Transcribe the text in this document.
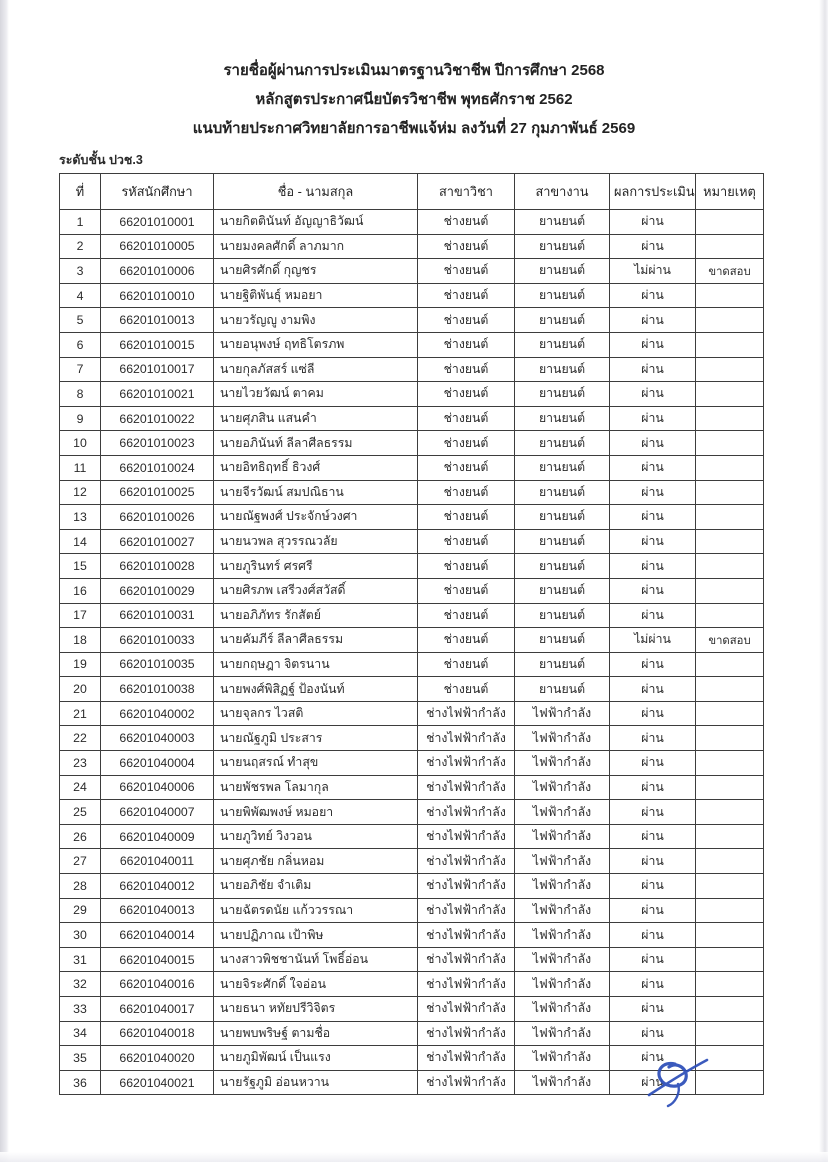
รายชื่อผู้ผ่านการประเมินมาตรฐานวิชาชีพ ปีการศึกษา 2568
หลักสูตรประกาศนียบัตรวิชาชีพ พุทธศักราช 2562
แนบท้ายประกาศวิทยาลัยการอาชีพแจ้ห่ม ลงวันที่ 27 กุมภาพันธ์ 2569
ระดับชั้น ปวช.3
ที่	รหัสนักศึกษา	ชื่อ - นามสกุล	สาขาวิชา	สาขางาน	ผลการประเมิน	หมายเหตุ
1	66201010001	นายกิตตินันท์ อัญญาธิวัฒน์	ช่างยนต์	ยานยนต์	ผ่าน	
2	66201010005	นายมงคลศักดิ์ ลาภมาก	ช่างยนต์	ยานยนต์	ผ่าน	
3	66201010006	นายศิรศักดิ์ กุญชร	ช่างยนต์	ยานยนต์	ไม่ผ่าน	ขาดสอบ
4	66201010010	นายฐิติพันธุ์ หมอยา	ช่างยนต์	ยานยนต์	ผ่าน	
5	66201010013	นายวรัญญู งามพิง	ช่างยนต์	ยานยนต์	ผ่าน	
6	66201010015	นายอนุพงษ์ ฤทธิโตรภพ	ช่างยนต์	ยานยนต์	ผ่าน	
7	66201010017	นายกุลภัสสร์ แซ่ลี	ช่างยนต์	ยานยนต์	ผ่าน	
8	66201010021	นายไวยวัฒน์ ตาคม	ช่างยนต์	ยานยนต์	ผ่าน	
9	66201010022	นายศุภสิน แสนคำ	ช่างยนต์	ยานยนต์	ผ่าน	
10	66201010023	นายอภินันท์ ลีลาศีลธรรม	ช่างยนต์	ยานยนต์	ผ่าน	
11	66201010024	นายอิทธิฤทธิ์ ธิวงศ์	ช่างยนต์	ยานยนต์	ผ่าน	
12	66201010025	นายจีรวัฒน์ สมปณิธาน	ช่างยนต์	ยานยนต์	ผ่าน	
13	66201010026	นายณัฐพงศ์ ประจักษ์วงศา	ช่างยนต์	ยานยนต์	ผ่าน	
14	66201010027	นายนวพล สุวรรณวลัย	ช่างยนต์	ยานยนต์	ผ่าน	
15	66201010028	นายภูรินทร์ ศรศรี	ช่างยนต์	ยานยนต์	ผ่าน	
16	66201010029	นายศิรภพ เสรีวงศ์สวัสดิ์	ช่างยนต์	ยานยนต์	ผ่าน	
17	66201010031	นายอภิภัทร รักสัตย์	ช่างยนต์	ยานยนต์	ผ่าน	
18	66201010033	นายคัมภีร์ ลีลาศีลธรรม	ช่างยนต์	ยานยนต์	ไม่ผ่าน	ขาดสอบ
19	66201010035	นายกฤษฎา จิตรนาน	ช่างยนต์	ยานยนต์	ผ่าน	
20	66201010038	นายพงศ์พิสิฏฐ์ ป้องนันท์	ช่างยนต์	ยานยนต์	ผ่าน	
21	66201040002	นายจุลกร ไวสติ	ช่างไฟฟ้ากำลัง	ไฟฟ้ากำลัง	ผ่าน	
22	66201040003	นายณัฐภูมิ ประสาร	ช่างไฟฟ้ากำลัง	ไฟฟ้ากำลัง	ผ่าน	
23	66201040004	นายนฤสรณ์ ทำสุข	ช่างไฟฟ้ากำลัง	ไฟฟ้ากำลัง	ผ่าน	
24	66201040006	นายพัชรพล โลมากุล	ช่างไฟฟ้ากำลัง	ไฟฟ้ากำลัง	ผ่าน	
25	66201040007	นายพิพัฒพงษ์ หมอยา	ช่างไฟฟ้ากำลัง	ไฟฟ้ากำลัง	ผ่าน	
26	66201040009	นายภูวิทย์ วิงวอน	ช่างไฟฟ้ากำลัง	ไฟฟ้ากำลัง	ผ่าน	
27	66201040011	นายศุภชัย กลิ่นหอม	ช่างไฟฟ้ากำลัง	ไฟฟ้ากำลัง	ผ่าน	
28	66201040012	นายอภิชัย จำเติม	ช่างไฟฟ้ากำลัง	ไฟฟ้ากำลัง	ผ่าน	
29	66201040013	นายฉัตรดนัย แก้ววรรณา	ช่างไฟฟ้ากำลัง	ไฟฟ้ากำลัง	ผ่าน	
30	66201040014	นายปฏิภาณ เป้าพิษ	ช่างไฟฟ้ากำลัง	ไฟฟ้ากำลัง	ผ่าน	
31	66201040015	นางสาวพิชชานันท์ โพธิ์อ่อน	ช่างไฟฟ้ากำลัง	ไฟฟ้ากำลัง	ผ่าน	
32	66201040016	นายจิระศักดิ์ ใจอ่อน	ช่างไฟฟ้ากำลัง	ไฟฟ้ากำลัง	ผ่าน	
33	66201040017	นายธนา หทัยปรีวิจิตร	ช่างไฟฟ้ากำลัง	ไฟฟ้ากำลัง	ผ่าน	
34	66201040018	นายพบพริษฐ์ ตามชื่อ	ช่างไฟฟ้ากำลัง	ไฟฟ้ากำลัง	ผ่าน	
35	66201040020	นายภูมิพัฒน์ เป็นแรง	ช่างไฟฟ้ากำลัง	ไฟฟ้ากำลัง	ผ่าน	
36	66201040021	นายรัฐภูมิ อ่อนหวาน	ช่างไฟฟ้ากำลัง	ไฟฟ้ากำลัง	ผ่าน	
